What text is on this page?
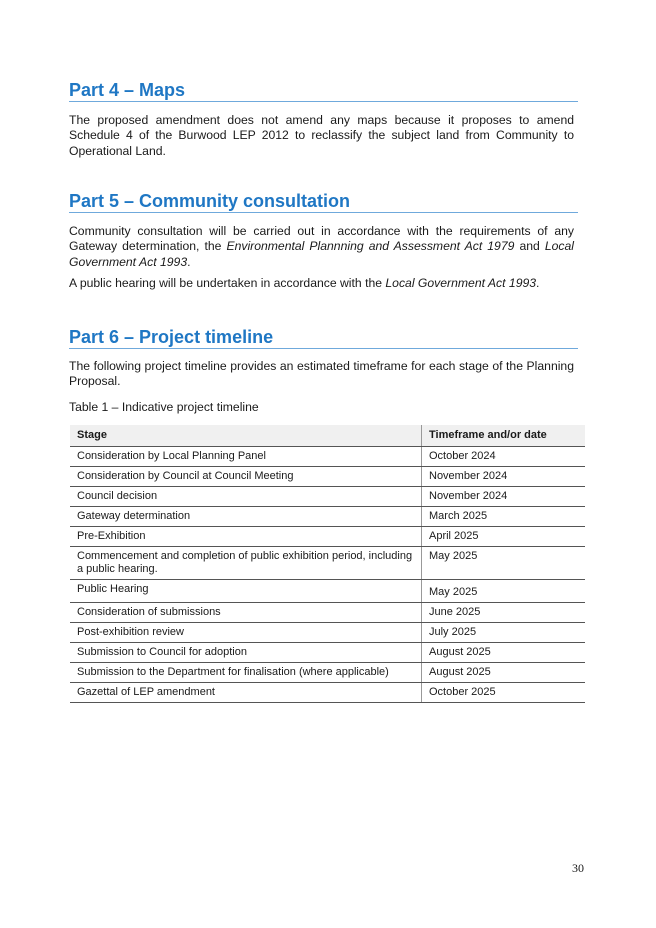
Part 4 – Maps

The proposed amendment does not amend any maps because it proposes to amend Schedule 4 of the Burwood LEP 2012 to reclassify the subject land from Community to Operational Land.

Part 5 – Community consultation

Community consultation will be carried out in accordance with the requirements of any Gateway determination, the Environmental Plannning and Assessment Act 1979 and Local Government Act 1993.

A public hearing will be undertaken in accordance with the Local Government Act 1993.

Part 6 – Project timeline

The following project timeline provides an estimated timeframe for each stage of the Planning Proposal.

Table 1 – Indicative project timeline

Stage	Timeframe and/or date
Consideration by Local Planning Panel	October 2024
Consideration by Council at Council Meeting	November 2024
Council decision	November 2024
Gateway determination	March 2025
Pre-Exhibition	April 2025
Commencement and completion of public exhibition period, including a public hearing.	May 2025
Public Hearing	May 2025
Consideration of submissions	June 2025
Post-exhibition review	July 2025
Submission to Council for adoption	August 2025
Submission to the Department for finalisation (where applicable)	August 2025
Gazettal of LEP amendment	October 2025
30
